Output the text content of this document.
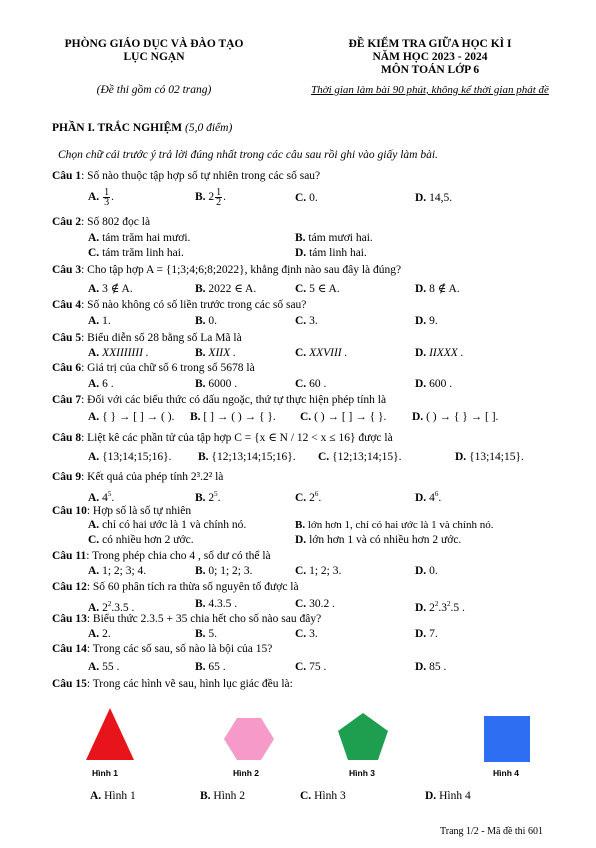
PHÒNG GIÁO DỤC VÀ ĐÀO TẠO
LỤC NGẠN
(Đề thi gồm có 02 trang)
ĐỀ KIỂM TRA GIỮA HỌC KÌ I
NĂM HỌC 2023 - 2024
MÔN TOÁN LỚP 6
Thời gian làm bài 90 phút, không kể thời gian phát đề
PHẦN I. TRẮC NGHIỆM (5,0 điểm)
Chọn chữ cái trước ý trả lời đúng nhất trong các câu sau rồi ghi vào giấy làm bài.
Câu 1: Số nào thuộc tập hợp số tự nhiên trong các số sau?
A. $\frac{1}{3}$ .	B. $2 \frac{1}{2}$ .	C. 0.	D. 14,5.
Câu 2: Số 802 đọc là
A. tám trăm hai mươi.	B. tám mươi hai.
C. tám trăm linh hai.	D. tám linh hai.
Câu 3: Cho tập hợp A = {1;3;4;6;8;2022}, khẳng định nào sau đây là đúng?
A. 3 ∉ A.	B. 2022 ∈ A.	C. 5 ∈ A.	D. 8 ∉ A.
Câu 4: Số nào không có số liền trước trong các số sau?
A. 1.	B. 0.	C. 3.	D. 9.
Câu 5: Biểu diễn số 28 bằng số La Mã là
A. XXIIIIIII .	B. XIIX .	C. XXVIII .	D. IIXXX .
Câu 6: Giá trị của chữ số 6 trong số 5678 là
A. 6 .	B. 6000 .	C. 60 .	D. 600 .
Câu 7: Đối với các biểu thức có dấu ngoặc, thứ tự thực hiện phép tính là
A. { } → [ ] → ( ). B. [ ] → ( ) → { }. C. ( ) → [ ] → { }. D. ( ) → { } → [ ].
Câu 8: Liệt kê các phần tử của tập hợp C = {x ∈ N / 12 < x ≤ 16} được là
A. {13;14;15;16}. B. {12;13;14;15;16}. C. {12;13;14;15}.	D. {13;14;15}.
Câu 9: Kết quả của phép tính 2³.2² là
A. $4^5$.	B. $2^5$.	C. $2^6$.	D. $4^6$.
Câu 10: Hợp số là số tự nhiên
A. chỉ có hai ước là 1 và chính nó.	B. lớn hơn 1, chỉ có hai ước là 1 và chính nó.
C. có nhiều hơn 2 ước.	D. lớn hơn 1 và có nhiều hơn 2 ước.
Câu 11: Trong phép chia cho 4 , số dư có thể là
A. 1; 2; 3; 4.	B. 0; 1; 2; 3.	C. 1; 2; 3.	D. 0.
Câu 12: Số 60 phân tích ra thừa số nguyên tố được là
A. $2^2.3.5$ .	B. 4.3.5 .	C. 30.2 .	D. $2^2.3^2.5$ .
Câu 13: Biểu thức 2.3.5 + 35 chia hết cho số nào sau đây?
A. 2.	B. 5.	C. 3.	D. 7.
Câu 14: Trong các số sau, số nào là bội của 15?
A. 55 .	B. 65 .	C. 75 .	D. 85 .
Câu 15: Trong các hình vẽ sau, hình lục giác đều là:
Hình 1	Hình 2	Hình 3	Hình 4
A. Hình 1	B. Hình 2	C. Hình 3	D. Hình 4
Trang 1/2 - Mã đề thi 601
